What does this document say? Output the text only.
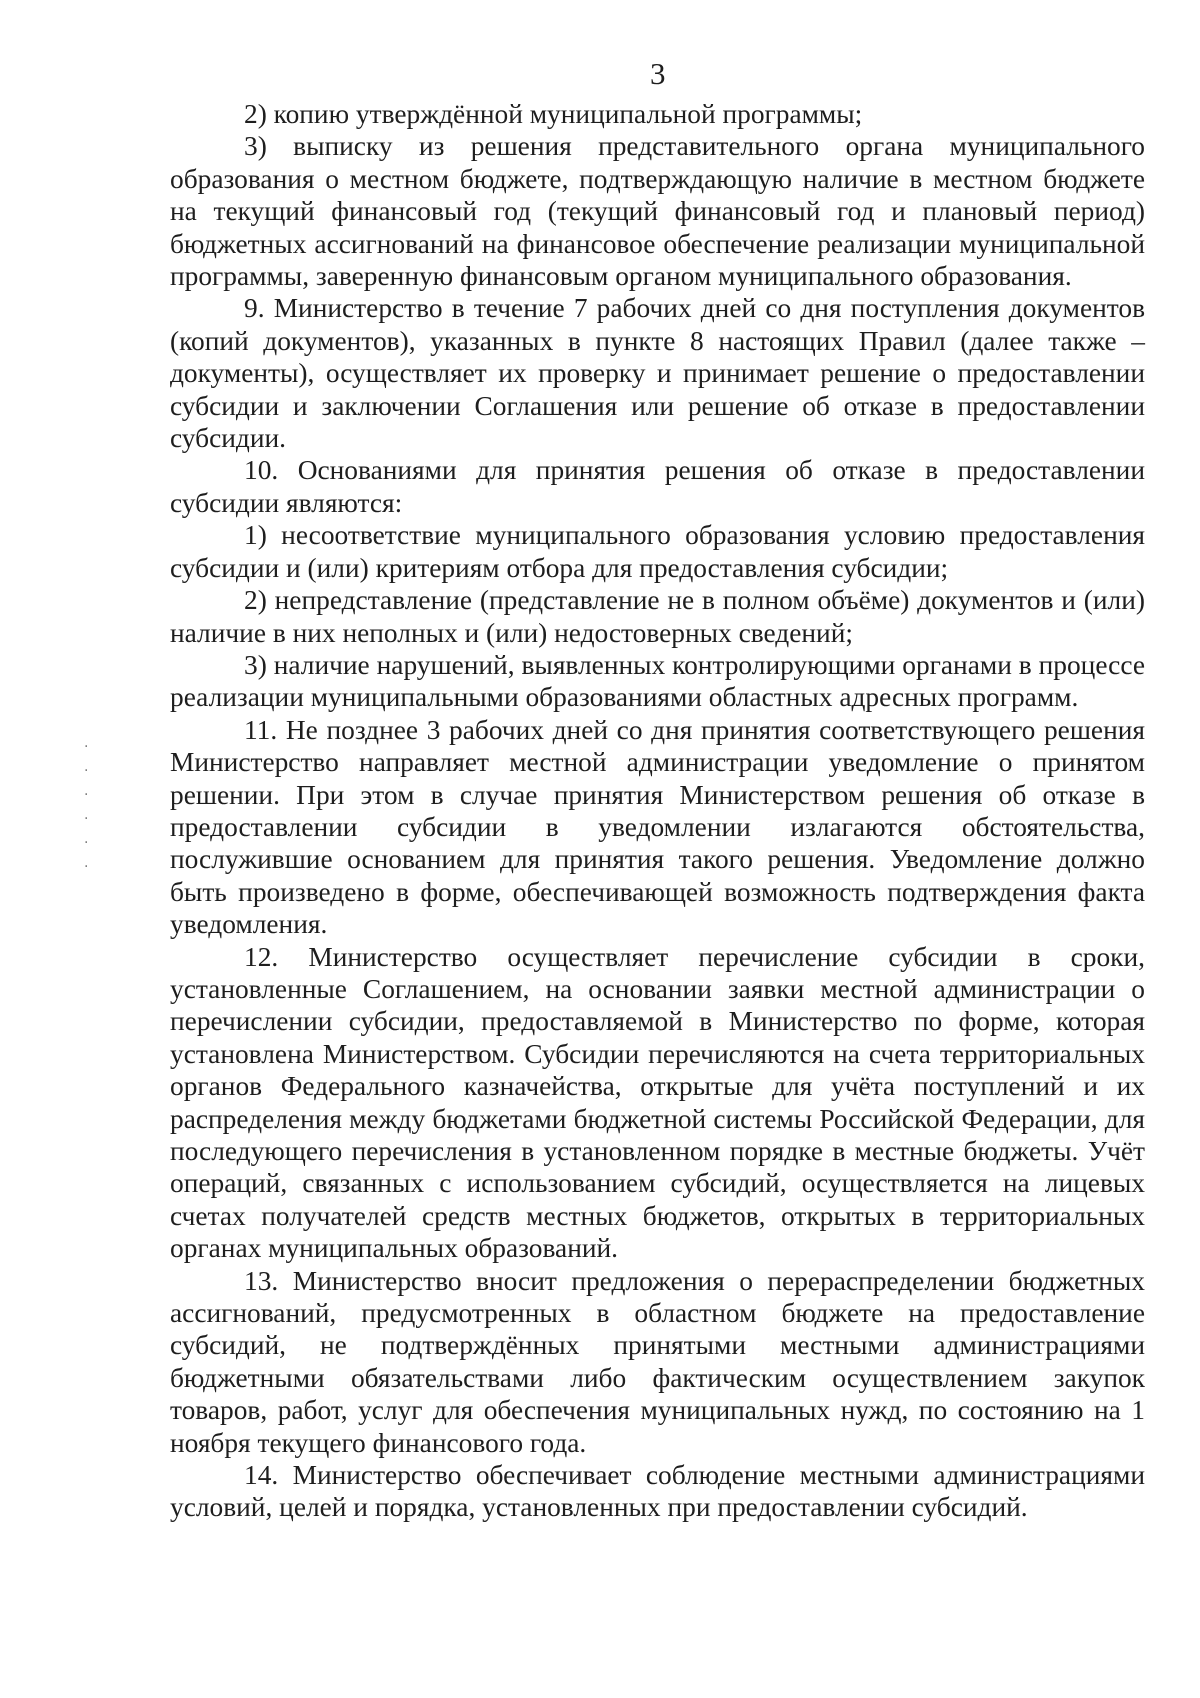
3

2) копию утверждённой муниципальной программы;

3) выписку из решения представительного органа муниципального образования о местном бюджете, подтверждающую наличие в местном бюджете на текущий финансовый год (текущий финансовый год и плановый период) бюджетных ассигнований на финансовое обеспечение реализации муниципальной программы, заверенную финансовым органом муниципального образования.

9. Министерство в течение 7 рабочих дней со дня поступления документов (копий документов), указанных в пункте 8 настоящих Правил (далее также – документы), осуществляет их проверку и принимает решение о предоставлении субсидии и заключении Соглашения или решение об отказе в предоставлении субсидии.

10. Основаниями для принятия решения об отказе в предоставлении субсидии являются:

1) несоответствие муниципального образования условию предоставления субсидии и (или) критериям отбора для предоставления субсидии;

2) непредставление (представление не в полном объёме) документов и (или) наличие в них неполных и (или) недостоверных сведений;

3) наличие нарушений, выявленных контролирующими органами в процессе реализации муниципальными образованиями областных адресных программ.

11. Не позднее 3 рабочих дней со дня принятия соответствующего решения Министерство направляет местной администрации уведомление о принятом решении. При этом в случае принятия Министерством решения об отказе в предоставлении субсидии в уведомлении излагаются обстоятельства, послужившие основанием для принятия такого решения. Уведомление должно быть произведено в форме, обеспечивающей возможность подтверждения факта уведомления.

12. Министерство осуществляет перечисление субсидии в сроки, установленные Соглашением, на основании заявки местной администрации о перечислении субсидии, предоставляемой в Министерство по форме, которая установлена Министерством. Субсидии перечисляются на счета территориальных органов Федерального казначейства, открытые для учёта поступлений и их распределения между бюджетами бюджетной системы Российской Федерации, для последующего перечисления в установленном порядке в местные бюджеты. Учёт операций, связанных с использованием субсидий, осуществляется на лицевых счетах получателей средств местных бюджетов, открытых в территориальных органах муниципальных образований.

13. Министерство вносит предложения о перераспределении бюджетных ассигнований, предусмотренных в областном бюджете на предоставление субсидий, не подтверждённых принятыми местными администрациями бюджетными обязательствами либо фактическим осуществлением закупок товаров, работ, услуг для обеспечения муниципальных нужд, по состоянию на 1 ноября текущего финансового года.

14. Министерство обеспечивает соблюдение местными администрациями условий, целей и порядка, установленных при предоставлении субсидий.

·
·
·
·
·
·
